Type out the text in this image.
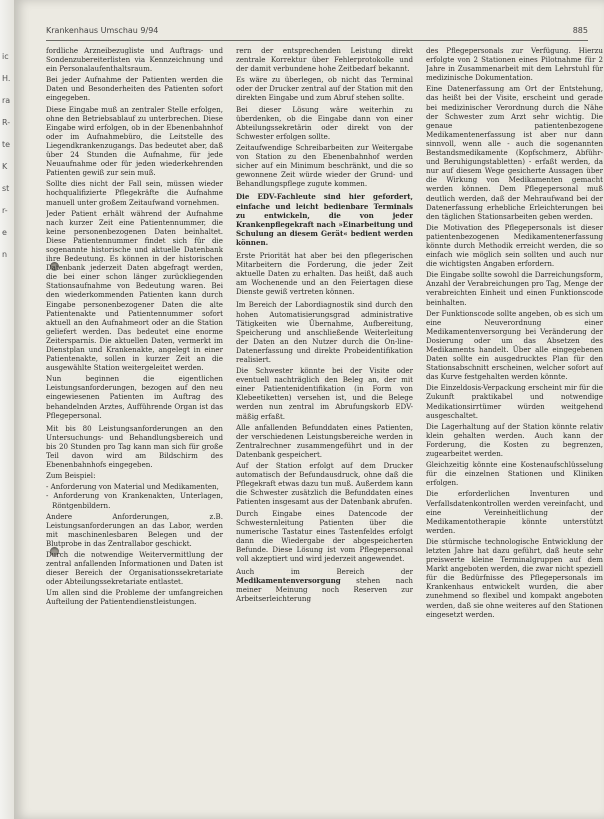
ic
H.
ra
R-
te
K
st
r-
e
n
Krankenhaus Umschau 9/94	885

fordliche Arzneibezugliste und Auftrags- und Sondenzubereiterlisten via Kennzeichnung und ein Personalaufenthaltsraum.

Bei jeder Aufnahme der Patienten werden die Daten und Besonderheiten des Patienten sofort eingegeben.

Diese Eingabe muß an zentraler Stelle erfolgen, ohne den Betriebsablauf zu unterbrechen. Diese Eingabe wird erfolgen, ob in der Ebenenbahnhof oder im Aufnahmebüro, die Leitstelle des Liegendkrankenzugangs. Das bedeutet aber, daß über 24 Stunden die Aufnahme, für jede Neuaufnahme oder für jeden wiederkehrenden Patienten gewiß zur sein muß.

Sollte dies nicht der Fall sein, müssen wieder hochqualifizierte Pflegekräfte die Aufnahme manuell unter großem Zeitaufwand vornehmen.

Jeder Patient erhält während der Aufnahme nach kurzer Zeit eine Patientennummer, die keine personenbezogenen Daten beinhaltet. Diese Patientennummer findet sich für die sogenannte historische und aktuelle Datenbank ihre Bedeutung. Es können in der historischen Datenbank jederzeit Daten abgefragt werden, die bei einer schon länger zurückliegenden Stationsaufnahme von Bedeutung waren. Bei den wiederkommenden Patienten kann durch Eingabe personenbezogener Daten die alte Patientenakte und Patientennummer sofort aktuell an den Aufnahmeort oder an die Station geliefert werden. Das bedeutet eine enorme Zeitersparnis. Die aktuellen Daten, vermerkt im Dienstplan und Krankenakte, angelegt in einer Patientenakte, sollen in kurzer Zeit an die ausgewählte Station weitergeleitet werden.

Nun beginnen die eigentlichen Leistungsanforderungen, bezogen auf den neu eingewiesenen Patienten im Auftrag des behandelnden Arztes, Aufführende Organ ist das Pflegepersonal.

Mit bis 80 Leistungsanforderungen an den Untersuchungs- und Behandlungsbereich und bis 20 Stunden pro Tag kann man sich für große Teil davon wird am Bildschirm des Ebenenbahnhofs eingegeben.

Zum Beispiel:

- Anforderung von Material und Medikamenten,
- Anforderung von Krankenakten, Unterlagen, Röntgenbildern.

Andere Anforderungen, z.B. Leistungsanforderungen an das Labor, werden mit maschinenlesbaren Belegen und der Blutprobe in das Zentrallabor geschickt.

Durch die notwendige Weitervermittlung der zentral anfallenden Informationen und Daten ist dieser Bereich der Organisationssekretariate oder Abteilungssekretariate entlastet.

Um allen sind die Probleme der umfangreichen Aufteilung der Patientendienstleistungen.

rern der entsprechenden Leistung direkt zentrale Korrektur über Fehlerprotokolle und der damit verbundene hohe Zeitbedarf bekannt.

Es wäre zu überlegen, ob nicht das Terminal oder der Drucker zentral auf der Station mit den direkten Eingabe und zum Abruf stehen sollte.

Bei dieser Lösung wäre weiterhin zu überdenken, ob die Eingabe dann von einer Abteilungssekretärin oder direkt von der Schwester erfolgen sollte.

Zeitaufwendige Schreibarbeiten zur Weitergabe von Station zu den Ebenenbahnhof werden sicher auf ein Minimum beschränkt, und die so gewonnene Zeit würde wieder der Grund- und Behandlungspflege zugute kommen.

Die EDV-Fachleute sind hier gefordert, einfache und leicht bedienbare Terminals zu entwickeln, die von jeder Krankenpflegekraft nach »Einarbeitung und Schulung an diesem Gerät« bedient werden können.

Erste Priorität hat aber bei den pflegerischen Mitarbeitern die Forderung, die jeder Zeit aktuelle Daten zu erhalten. Das heißt, daß auch am Wochenende und an den Feiertagen diese Dienste gewiß vertreten können.

Im Bereich der Labordiagnostik sind durch den hohen Automatisierungsgrad administrative Tätigkeiten wie Übernahme, Aufbereitung, Speicherung und anschließende Weiterleitung der Daten an den Nutzer durch die On-line-Datenerfassung und direkte Probeidentifikation realisiert.

Die Schwester könnte bei der Visite oder eventuell nachträglich den Beleg an, der mit einer Patientenidentifikation (in Form von Klebeetiketten) versehen ist, und die Belege werden nun zentral im Abrufungskorb EDV-mäßig erfaßt.

Alle anfallenden Befunddaten eines Patienten, der verschiedenen Leistungsbereiche werden in Zentralrechner zusammengeführt und in der Datenbank gespeichert.

Auf der Station erfolgt auf dem Drucker automatisch der Befundausdruck, ohne daß die Pflegekraft etwas dazu tun muß. Außerdem kann die Schwester zusätzlich die Befunddaten eines Patienten insgesamt aus der Datenbank abrufen.

Durch Eingabe eines Datencode der Schwesternleitung Patienten über die numerische Tastatur eines Tastenfeldes erfolgt dann die Wiedergabe der abgespeicherten Befunde. Diese Lösung ist vom Pflegepersonal voll akzeptiert und wird jederzeit angewendet.

Auch im Bereich der Medikamentenversorgung stehen nach meiner Meinung noch Reserven zur Arbeitserleichterung

des Pflegepersonals zur Verfügung. Hierzu erfolgte von 2 Stationen eines Pilotnahme für 2 Jahre in Zusammenarbeit mit dem Lehrstuhl für medizinische Dokumentation.

Eine Datenerfassung am Ort der Entstehung, das heißt bei der Visite, erscheint und gerade bei medizinischer Verordnung durch die Nähe der Schwester zum Arzt sehr wichtig. Die genaue patientenbezogene Medikamentenerfassung ist aber nur dann sinnvoll, wenn alle - auch die sogenannten Bestandsmedikamente (Kopfschmerz, Abführ- und Beruhigungstabletten) - erfaßt werden, da nur auf diesem Wege gesicherte Aussagen über die Wirkung von Medikamenten gemacht werden können. Dem Pflegepersonal muß deutlich werden, daß der Mehraufwand bei der Datenerfassung erhebliche Erleichterungen bei den täglichen Stationsarbeiten geben werden.

Die Motivation des Pflegepersonals ist dieser patientenbezogenen Medikamentenerfassung könnte durch Methodik erreicht werden, die so einfach wie möglich sein sollten und auch nur die wichtigsten Angaben erfordern.

Die Eingabe sollte sowohl die Darreichungsform, Anzahl der Verabreichungen pro Tag, Menge der verabreichten Einheit und einen Funktionscode beinhalten.

Der Funktionscode sollte angeben, ob es sich um eine Neuverordnung einer Medikamentenversorgung bei Veränderung der Dosierung oder um das Absetzen des Medikaments handelt. Über alle eingegebenen Daten sollte ein ausgedrucktes Plan für den Stationsabschnitt erscheinen, welcher sofort auf das Kurve festgehalten werden könnte.

Die Einzeldosis-Verpackung erscheint mir für die Zukunft praktikabel und notwendige Medikationsirrtümer würden weitgehend ausgeschaltet.

Die Lagerhaltung auf der Station könnte relativ klein gehalten werden. Auch kann der Forderung, die Kosten zu begrenzen, zugearbeitet werden.

Gleichzeitig könnte eine Kostenaufschlüsselung für die einzelnen Stationen und Kliniken erfolgen.

Die erforderlichen Inventuren und Verfallsdatenkontrollen werden vereinfacht, und eine Vereinheitlichung der Medikamentotherapie könnte unterstützt werden.

Die stürmische technologische Entwicklung der letzten Jahre hat dazu geführt, daß heute sehr preiswerte kleine Terminalgruppen auf dem Markt angeboten werden, die zwar nicht speziell für die Bedürfnisse des Pflegepersonals im Krankenhaus entwickelt wurden, die aber zunehmend so flexibel und kompakt angeboten werden, daß sie ohne weiteres auf den Stationen eingesetzt werden.
